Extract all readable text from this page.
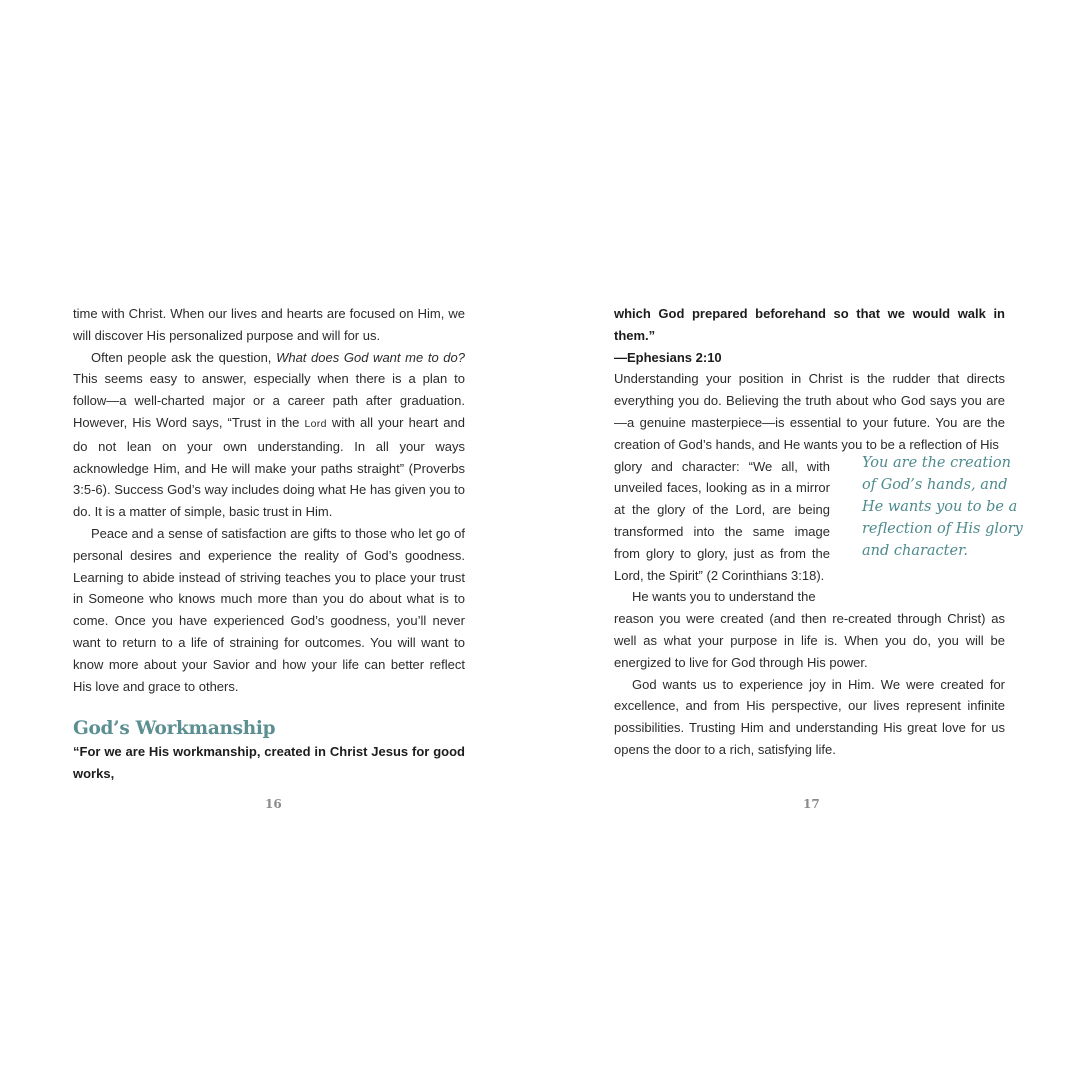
time with Christ. When our lives and hearts are focused on Him, we will discover His personalized purpose and will for us.

Often people ask the question, What does God want me to do? This seems easy to answer, especially when there is a plan to follow—a well-charted major or a career path after graduation. However, His Word says, “Trust in the Lord with all your heart and do not lean on your own understanding. In all your ways acknowledge Him, and He will make your paths straight” (Proverbs 3:5-6). Success God’s way includes doing what He has given you to do. It is a matter of simple, basic trust in Him.

Peace and a sense of satisfaction are gifts to those who let go of personal desires and experience the reality of God’s goodness. Learning to abide instead of striving teaches you to place your trust in Someone who knows much more than you do about what is to come. Once you have experienced God’s goodness, you’ll never want to return to a life of straining for outcomes. You will want to know more about your Savior and how your life can better reflect His love and grace to others.

God’s Workmanship

“For we are His workmanship, created in Christ Jesus for good works,

16

which God prepared beforehand so that we would walk in them.”

—Ephesians 2:10

Understanding your position in Christ is the rudder that directs everything you do. Believing the truth about who God says you are—a genuine masterpiece—is essential to your future. You are the creation of God’s hands, and He wants you to be a reflection of His

glory and character: “We all, with unveiled faces, looking as in a mirror at the glory of the Lord, are being transformed into the same image from glory to glory, just as from the Lord, the Spirit” (2 Corinthians 3:18).

He wants you to understand the

reason you were created (and then re-created through Christ) as well as what your purpose in life is. When you do, you will be energized to live for God through His power.

God wants us to experience joy in Him. We were created for excellence, and from His perspective, our lives represent infinite possibilities. Trusting Him and understanding His great love for us opens the door to a rich, satisfying life.

17
You are the creation
of God’s hands, and
He wants you to be a
reflection of His glory
and character.
